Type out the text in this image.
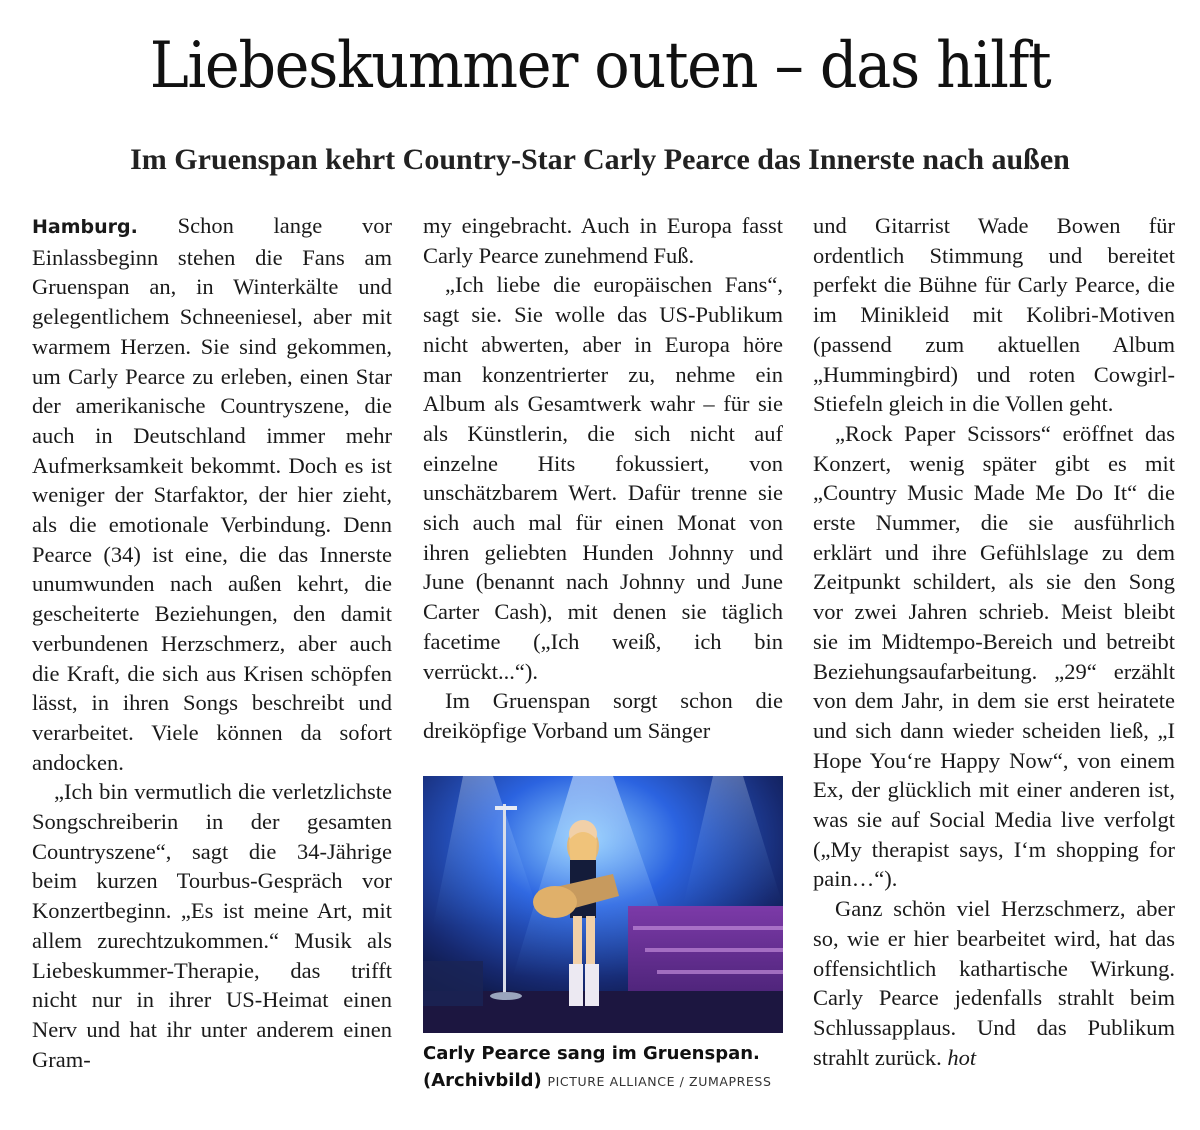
Liebeskummer outen – das hilft
Im Gruenspan kehrt Country-Star Carly Pearce das Innerste nach außen

Hamburg. Schon lange vor Einlassbeginn stehen die Fans am Gruenspan an, in Winterkälte und gelegentlichem Schneeniesel, aber mit warmem Herzen. Sie sind gekommen, um Carly Pearce zu erleben, einen Star der amerikanische Countryszene, die auch in Deutschland immer mehr Aufmerksamkeit bekommt. Doch es ist weniger der Starfaktor, der hier zieht, als die emotionale Verbindung. Denn Pearce (34) ist eine, die das Innerste unumwunden nach außen kehrt, die gescheiterte Beziehungen, den damit verbundenen Herzschmerz, aber auch die Kraft, die sich aus Krisen schöpfen lässt, in ihren Songs beschreibt und verarbeitet. Viele können da sofort andocken.

„Ich bin vermutlich die verletzlichste Songschreiberin in der gesamten Countryszene“, sagt die 34-Jährige beim kurzen Tourbus-Gespräch vor Konzertbeginn. „Es ist meine Art, mit allem zurechtzukommen.“ Musik als Liebeskummer-Therapie, das trifft nicht nur in ihrer US-Heimat einen Nerv und hat ihr unter anderem einen Gram-

my eingebracht. Auch in Europa fasst Carly Pearce zunehmend Fuß.

„Ich liebe die europäischen Fans“, sagt sie. Sie wolle das US-Publikum nicht abwerten, aber in Europa höre man konzentrierter zu, nehme ein Album als Gesamtwerk wahr – für sie als Künstlerin, die sich nicht auf einzelne Hits fokussiert, von unschätzbarem Wert. Dafür trenne sie sich auch mal für einen Monat von ihren geliebten Hunden Johnny und June (benannt nach Johnny und June Carter Cash), mit denen sie täglich facetime („Ich weiß, ich bin verrückt...“).

Im Gruenspan sorgt schon die dreiköpfige Vorband um Sänger

Carly Pearce sang im Gruenspan.
(Archivbild) PICTURE ALLIANCE / ZUMAPRESS

und Gitarrist Wade Bowen für ordentlich Stimmung und bereitet perfekt die Bühne für Carly Pearce, die im Minikleid mit Kolibri-Motiven (passend zum aktuellen Album „Hummingbird) und roten Cowgirl-Stiefeln gleich in die Vollen geht.

„Rock Paper Scissors“ eröffnet das Konzert, wenig später gibt es mit „Country Music Made Me Do It“ die erste Nummer, die sie ausführlich erklärt und ihre Gefühlslage zu dem Zeitpunkt schildert, als sie den Song vor zwei Jahren schrieb. Meist bleibt sie im Midtempo-Bereich und betreibt Beziehungsaufarbeitung. „29“ erzählt von dem Jahr, in dem sie erst heiratete und sich dann wieder scheiden ließ, „I Hope You‘re Happy Now“, von einem Ex, der glücklich mit einer anderen ist, was sie auf Social Media live verfolgt („My therapist says, I‘m shopping for pain…“).

Ganz schön viel Herzschmerz, aber so, wie er hier bearbeitet wird, hat das offensichtlich kathartische Wirkung. Carly Pearce jedenfalls strahlt beim Schlussapplaus. Und das Publikum strahlt zurück. hot
